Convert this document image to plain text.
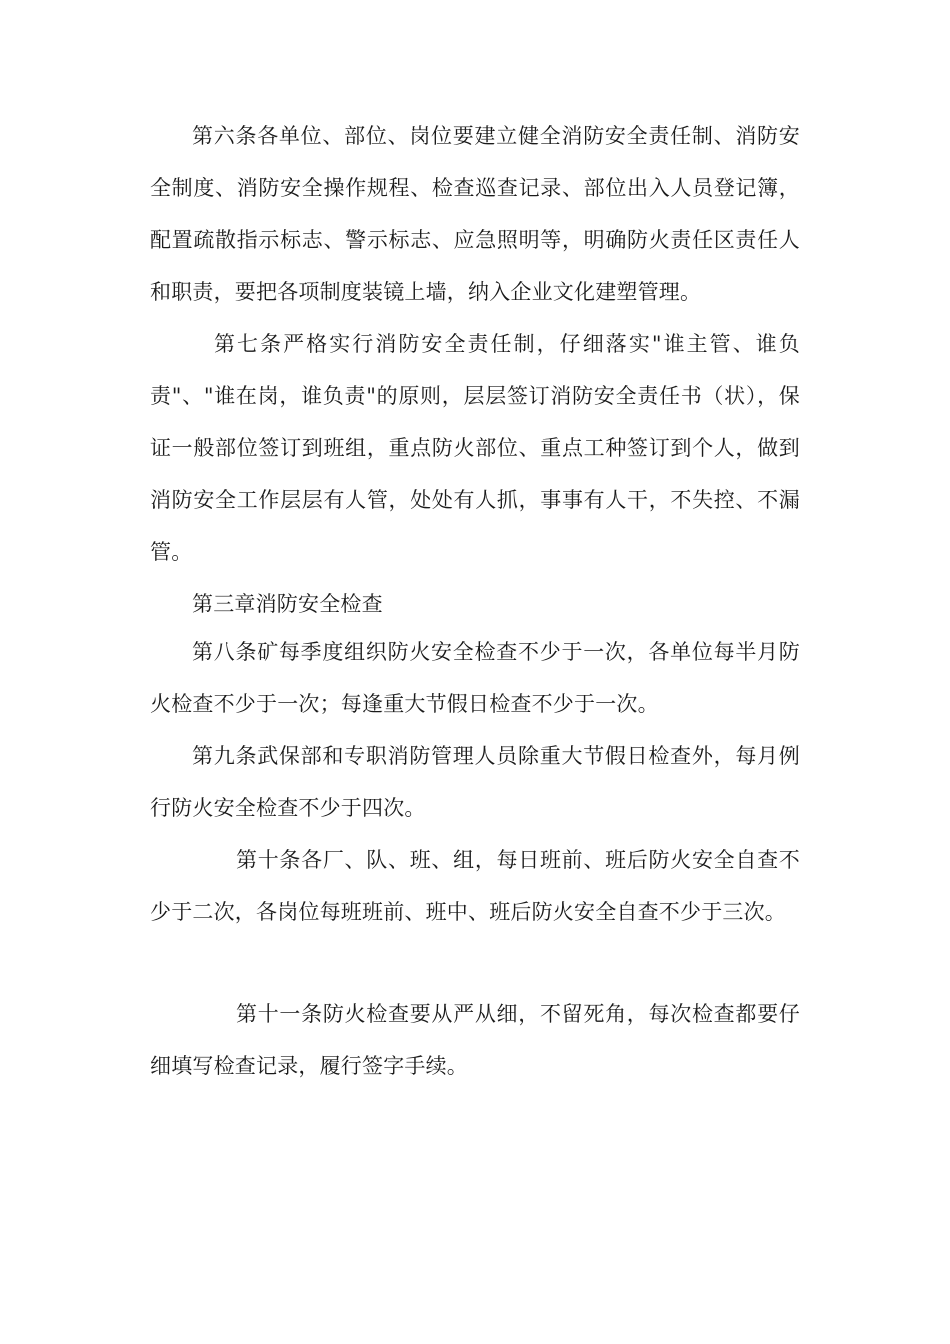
第六条各单位、部位、岗位要建立健全消防安全责任制、消防安全制度、消防安全操作规程、检查巡查记录、部位出入人员登记簿，配置疏散指示标志、警示标志、应急照明等，明确防火责任区责任人和职责，要把各项制度装镜上墙，纳入企业文化建塑管理。

第七条严格实行消防安全责任制，仔细落实"谁主管、谁负责"、"谁在岗，谁负责"的原则，层层签订消防安全责任书（状），保证一般部位签订到班组，重点防火部位、重点工种签订到个人，做到消防安全工作层层有人管，处处有人抓，事事有人干，不失控、不漏管。

第三章消防安全检查

第八条矿每季度组织防火安全检查不少于一次，各单位每半月防火检查不少于一次；每逢重大节假日检查不少于一次。

第九条武保部和专职消防管理人员除重大节假日检查外，每月例行防火安全检查不少于四次。

第十条各厂、队、班、组，每日班前、班后防火安全自查不少于二次，各岗位每班班前、班中、班后防火安全自查不少于三次。

第十一条防火检查要从严从细，不留死角，每次检查都要仔细填写检查记录，履行签字手续。
